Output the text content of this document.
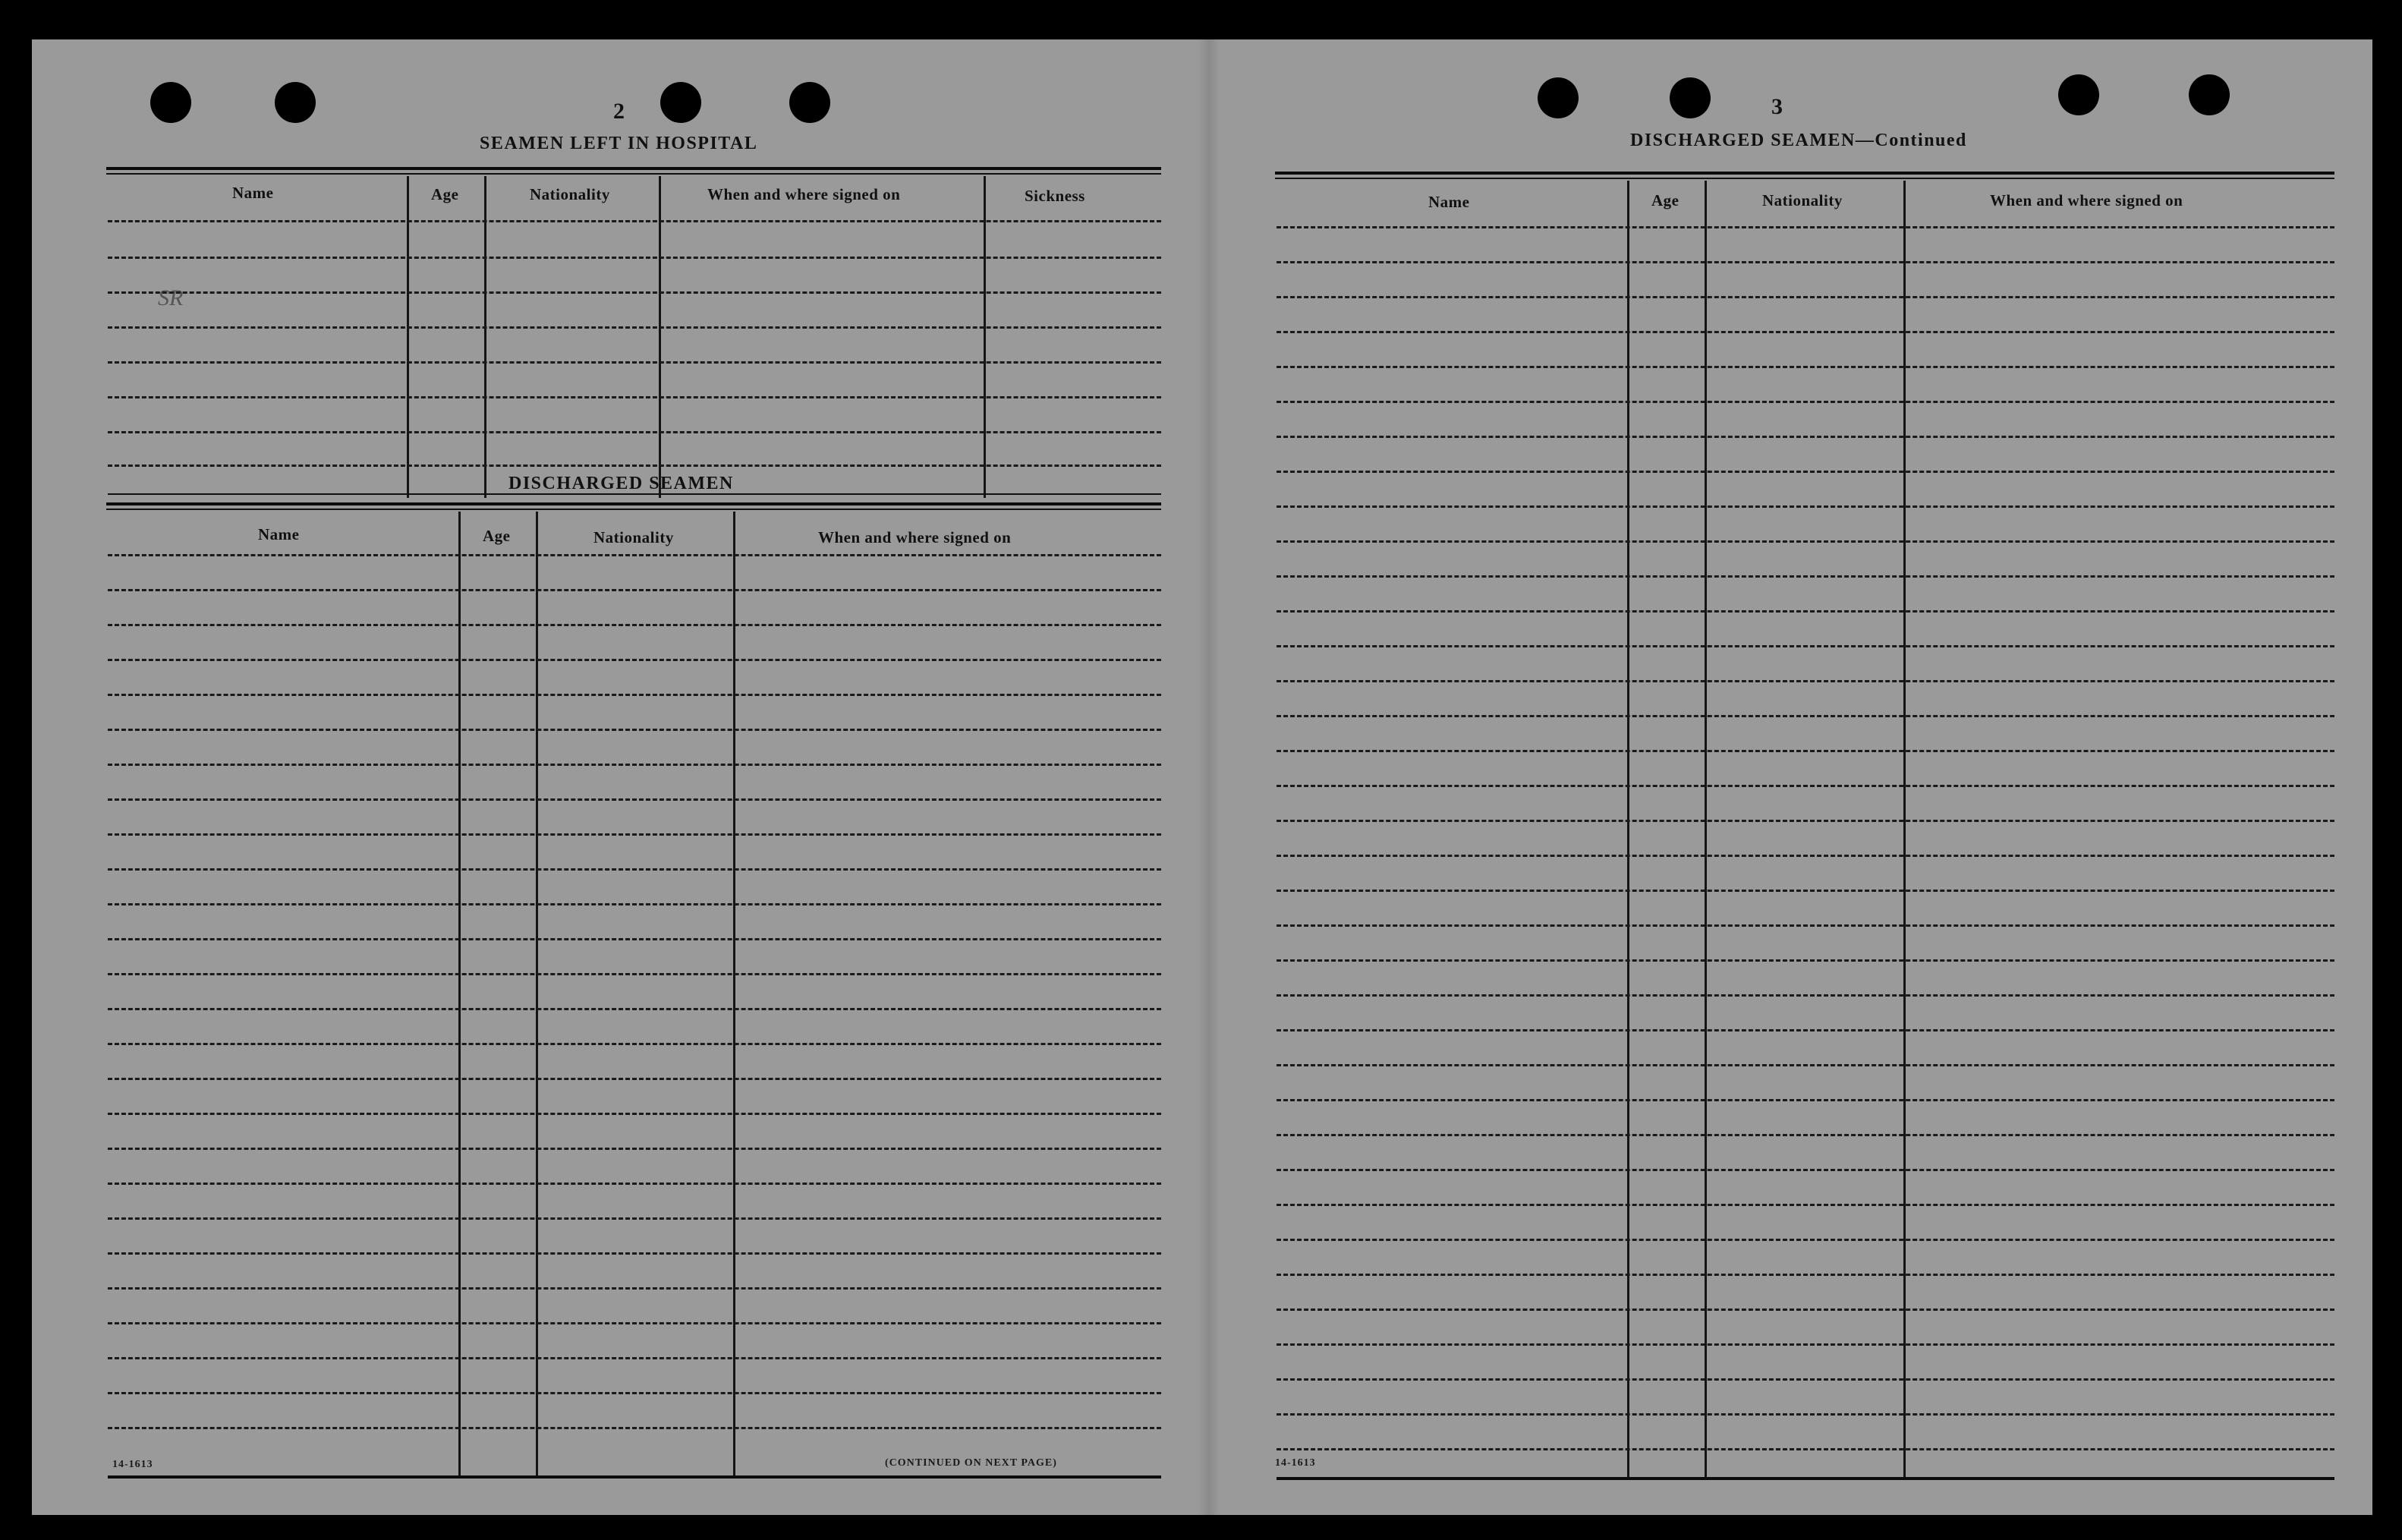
2
SEAMEN LEFT IN HOSPITAL
Name	Age	Nationality	When and where signed on	Sickness
SR
DISCHARGED SEAMEN
Name	Age	Nationality	When and where signed on
14-1613	(CONTINUED ON NEXT PAGE)
3
DISCHARGED SEAMEN—Continued
Name	Age	Nationality	When and where signed on
14-1613
